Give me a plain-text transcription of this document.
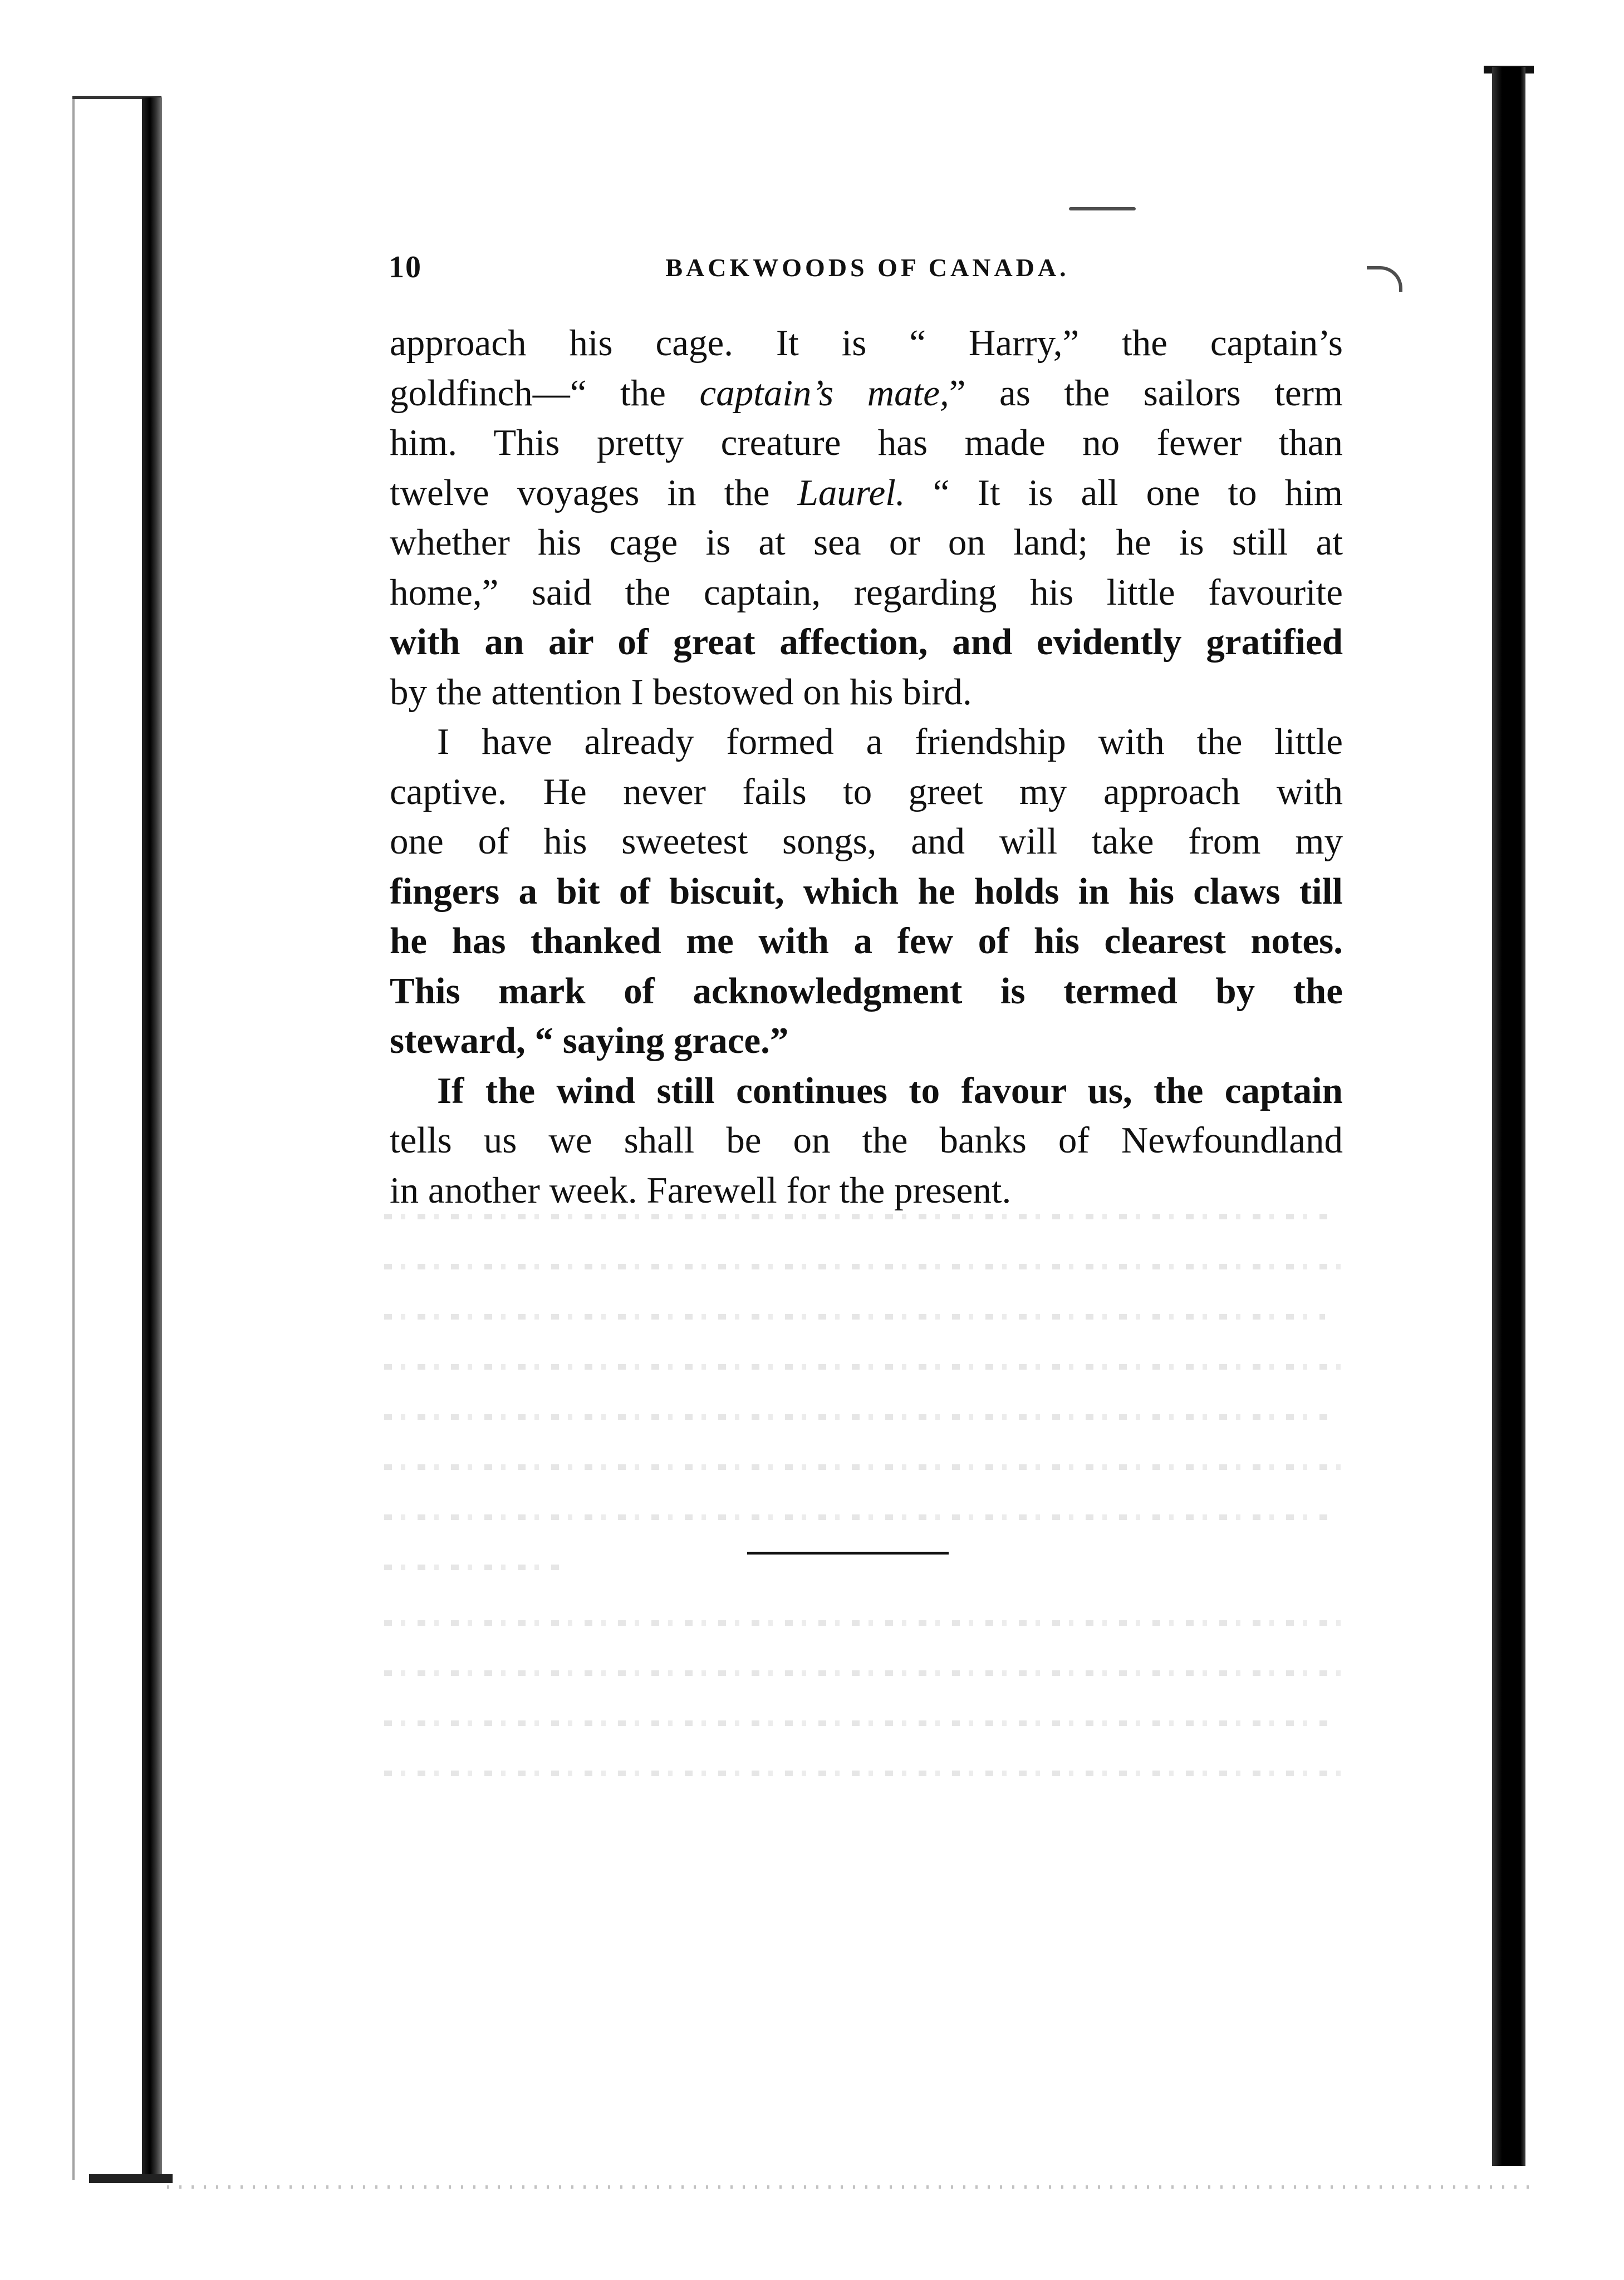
10	BACKWOODS OF CANADA.

approach his cage. It is “ Harry,” the captain’s
goldfinch—“ the captain’s mate,” as the sailors term
him. This pretty creature has made no fewer than
twelve voyages in the Laurel. “ It is all one to him
whether his cage is at sea or on land; he is still at
home,” said the captain, regarding his little favourite
with an air of great affection, and evidently gratified
by the attention I bestowed on his bird.

I have already formed a friendship with the little
captive. He never fails to greet my approach with
one of his sweetest songs, and will take from my
fingers a bit of biscuit, which he holds in his claws till
he has thanked me with a few of his clearest notes.
This mark of acknowledgment is termed by the
steward, “ saying grace.”

If the wind still continues to favour us, the captain
tells us we shall be on the banks of Newfoundland
in another week. Farewell for the present.
